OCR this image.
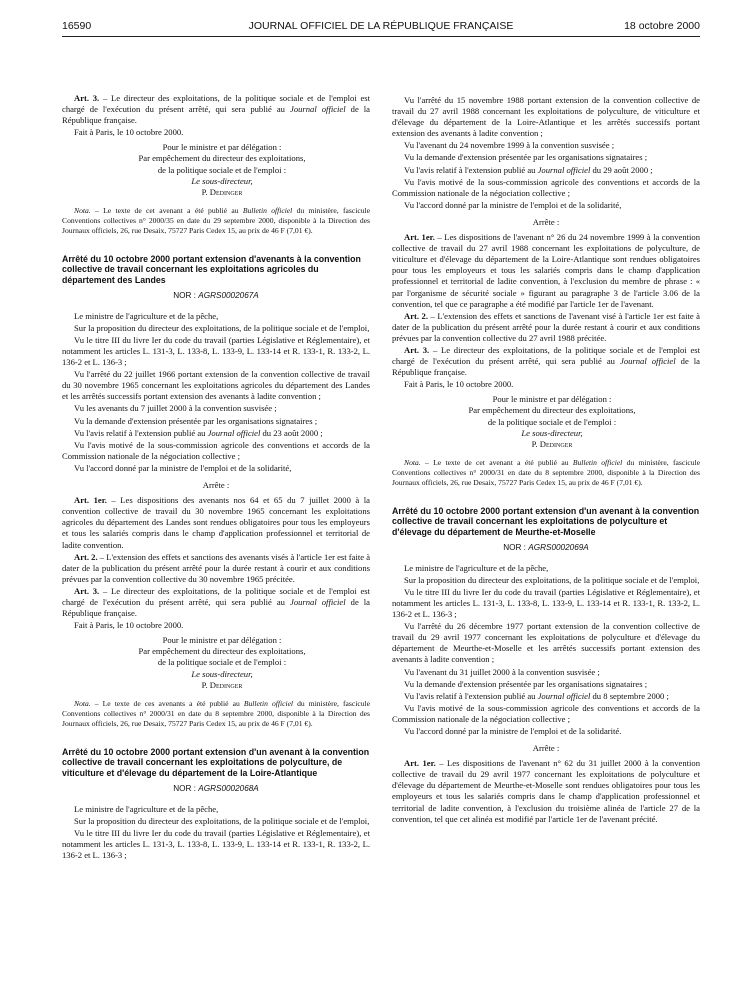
16590	JOURNAL OFFICIEL DE LA RÉPUBLIQUE FRANÇAISE	18 octobre 2000

Art. 3. – Le directeur des exploitations, de la politique sociale et de l'emploi est chargé de l'exécution du présent arrêté, qui sera publié au Journal officiel de la République française.

Fait à Paris, le 10 octobre 2000.

Pour le ministre et par délégation :

Par empêchement du directeur des exploitations,

de la politique sociale et de l'emploi :

Le sous-directeur,

P. Dedinger

Nota. – Le texte de cet avenant a été publié au Bulletin officiel du ministère, fascicule Conventions collectives n° 2000/35 en date du 29 septembre 2000, disponible à la Direction des Journaux officiels, 26, rue Desaix, 75727 Paris Cedex 15, au prix de 46 F (7,01 €).

Arrêté du 10 octobre 2000 portant extension d'avenants à la convention collective de travail concernant les exploitations agricoles du département des Landes

NOR : AGRS0002067A

Le ministre de l'agriculture et de la pêche,

Sur la proposition du directeur des exploitations, de la politique sociale et de l'emploi,

Vu le titre III du livre Ier du code du travail (parties Législative et Réglementaire), et notamment les articles L. 131-3, L. 133-8, L. 133-9, L. 133-14 et R. 133-1, R. 133-2, L. 136-2 et L. 136-3 ;

Vu l'arrêté du 22 juillet 1966 portant extension de la convention collective de travail du 30 novembre 1965 concernant les exploitations agricoles du département des Landes et les arrêtés successifs portant extension des avenants à ladite convention ;

Vu les avenants du 7 juillet 2000 à la convention susvisée ;

Vu la demande d'extension présentée par les organisations signataires ;

Vu l'avis relatif à l'extension publié au Journal officiel du 23 août 2000 ;

Vu l'avis motivé de la sous-commission agricole des conventions et accords de la Commission nationale de la négociation collective ;

Vu l'accord donné par la ministre de l'emploi et de la solidarité,

Arrête :

Art. 1er. – Les dispositions des avenants nos 64 et 65 du 7 juillet 2000 à la convention collective de travail du 30 novembre 1965 concernant les exploitations agricoles du département des Landes sont rendues obligatoires pour tous les employeurs et tous les salariés compris dans le champ d'application professionnel et territorial de ladite convention.

Art. 2. – L'extension des effets et sanctions des avenants visés à l'article 1er est faite à dater de la publication du présent arrêté pour la durée restant à courir et aux conditions prévues par la convention collective du 30 novembre 1965 précitée.

Art. 3. – Le directeur des exploitations, de la politique sociale et de l'emploi est chargé de l'exécution du présent arrêté, qui sera publié au Journal officiel de la République française.

Fait à Paris, le 10 octobre 2000.

Pour le ministre et par délégation :

Par empêchement du directeur des exploitations,

de la politique sociale et de l'emploi :

Le sous-directeur,

P. Dedinger

Nota. – Le texte de ces avenants a été publié au Bulletin officiel du ministère, fascicule Conventions collectives n° 2000/31 en date du 8 septembre 2000, disponible à la Direction des Journaux officiels, 26, rue Desaix, 75727 Paris Cedex 15, au prix de 46 F (7,01 €).

Arrêté du 10 octobre 2000 portant extension d'un avenant à la convention collective de travail concernant les exploitations de polyculture, de viticulture et d'élevage du département de la Loire-Atlantique

NOR : AGRS0002068A

Le ministre de l'agriculture et de la pêche,

Sur la proposition du directeur des exploitations, de la politique sociale et de l'emploi,

Vu le titre III du livre Ier du code du travail (parties Législative et Réglementaire), et notamment les articles L. 131-3, L. 133-8, L. 133-9, L. 133-14 et R. 133-1, R. 133-2, L. 136-2 et L. 136-3 ;

Vu l'arrêté du 15 novembre 1988 portant extension de la convention collective de travail du 27 avril 1988 concernant les exploitations de polyculture, de viticulture et d'élevage du département de la Loire-Atlantique et les arrêtés successifs portant extension des avenants à ladite convention ;

Vu l'avenant du 24 novembre 1999 à la convention susvisée ;

Vu la demande d'extension présentée par les organisations signataires ;

Vu l'avis relatif à l'extension publié au Journal officiel du 29 août 2000 ;

Vu l'avis motivé de la sous-commission agricole des conventions et accords de la Commission nationale de la négociation collective ;

Vu l'accord donné par la ministre de l'emploi et de la solidarité,

Arrête :

Art. 1er. – Les dispositions de l'avenant n° 26 du 24 novembre 1999 à la convention collective de travail du 27 avril 1988 concernant les exploitations de polyculture, de viticulture et d'élevage du département de la Loire-Atlantique sont rendues obligatoires pour tous les employeurs et tous les salariés compris dans le champ d'application professionnel et territorial de ladite convention, à l'exclusion du membre de phrase : « par l'organisme de sécurité sociale » figurant au paragraphe 3 de l'article 3.06 de la convention, tel que ce paragraphe a été modifié par l'article 1er de l'avenant.

Art. 2. – L'extension des effets et sanctions de l'avenant visé à l'article 1er est faite à dater de la publication du présent arrêté pour la durée restant à courir et aux conditions prévues par la convention collective du 27 avril 1988 précitée.

Art. 3. – Le directeur des exploitations, de la politique sociale et de l'emploi est chargé de l'exécution du présent arrêté, qui sera publié au Journal officiel de la République française.

Fait à Paris, le 10 octobre 2000.

Pour le ministre et par délégation :

Par empêchement du directeur des exploitations,

de la politique sociale et de l'emploi :

Le sous-directeur,

P. Dedinger

Nota. – Le texte de cet avenant a été publié au Bulletin officiel du ministère, fascicule Conventions collectives n° 2000/31 en date du 8 septembre 2000, disponible à la Direction des Journaux officiels, 26, rue Desaix, 75727 Paris Cedex 15, au prix de 46 F (7,01 €).

Arrêté du 10 octobre 2000 portant extension d'un avenant à la convention collective de travail concernant les exploitations de polyculture et d'élevage du département de Meurthe-et-Moselle

NOR : AGRS0002069A

Le ministre de l'agriculture et de la pêche,

Sur la proposition du directeur des exploitations, de la politique sociale et de l'emploi,

Vu le titre III du livre Ier du code du travail (parties Législative et Réglementaire), et notamment les articles L. 131-3, L. 133-8, L. 133-9, L. 133-14 et R. 133-1, R. 133-2, L. 136-2 et L. 136-3 ;

Vu l'arrêté du 26 décembre 1977 portant extension de la convention collective de travail du 29 avril 1977 concernant les exploitations de polyculture et d'élevage du département de Meurthe-et-Moselle et les arrêtés successifs portant extension des avenants à ladite convention ;

Vu l'avenant du 31 juillet 2000 à la convention susvisée ;

Vu la demande d'extension présentée par les organisations signataires ;

Vu l'avis relatif à l'extension publié au Journal officiel du 8 septembre 2000 ;

Vu l'avis motivé de la sous-commission agricole des conventions et accords de la Commission nationale de la négociation collective ;

Vu l'accord donné par la ministre de l'emploi et de la solidarité.

Arrête :

Art. 1er. – Les dispositions de l'avenant n° 62 du 31 juillet 2000 à la convention collective de travail du 29 avril 1977 concernant les exploitations de polyculture et d'élevage du département de Meurthe-et-Moselle sont rendues obligatoires pour tous les employeurs et tous les salariés compris dans le champ d'application professionnel et territorial de ladite convention, à l'exclusion du troisième alinéa de l'article 27 de la convention, tel que cet alinéa est modifié par l'article 1er de l'avenant précité.
